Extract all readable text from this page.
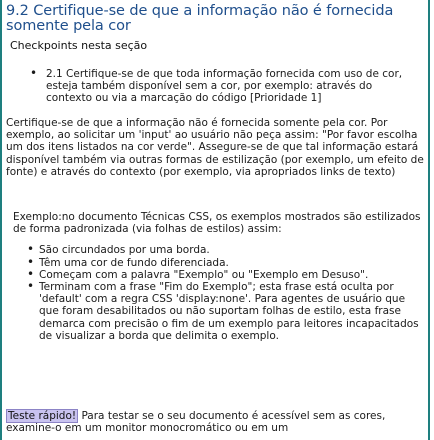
9.2 Certifique-se de que a informação não é fornecida somente pela cor
Checkpoints nesta seção
• 2.1 Certifique-se de que toda informação fornecida com uso de cor, esteja também disponível sem a cor, por exemplo: através do contexto ou via a marcação do código [Prioridade 1]
Certifique-se de que a informação não é fornecida somente pela cor. Por exemplo, ao solicitar um 'input' ao usuário não peça assim: "Por favor escolha um dos itens listados na cor verde". Assegure-se de que tal informação estará disponível também via outras formas de estilização (por exemplo, um efeito de fonte) e através do contexto (por exemplo, via apropriados links de texto)
Exemplo:no documento Técnicas CSS, os exemplos mostrados são estilizados de forma padronizada (via folhas de estilos) assim:
• São circundados por uma borda.
• Têm uma cor de fundo diferenciada.
• Começam com a palavra "Exemplo" ou "Exemplo em Desuso".
• Terminam com a frase "Fim do Exemplo"; esta frase está oculta por 'default' com a regra CSS 'display:none'. Para agentes de usuário que que foram desabilitados ou não suportam folhas de estilo, esta frase demarca com precisão o fim de um exemplo para leitores incapacitados de visualizar a borda que delimita o exemplo.
Teste rápido! Para testar se o seu documento é acessível sem as cores, examine-o em um monitor monocromático ou em um
